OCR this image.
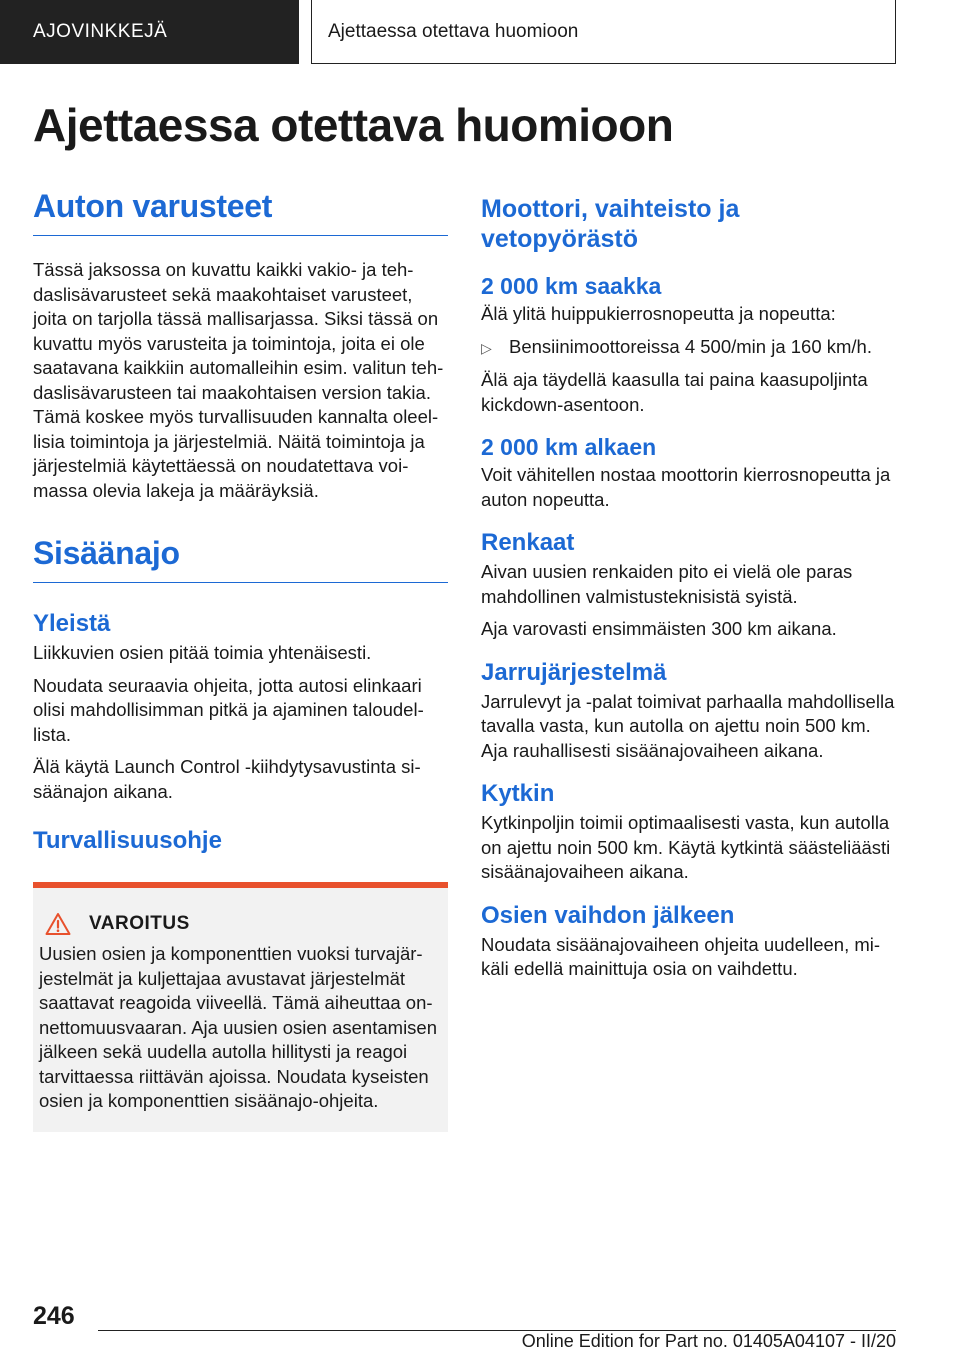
AJOVINKKEJÄ	Ajettaessa otettava huomioon
Ajettaessa otettava huomioon
Auton varusteet

Tässä jaksossa on kuvattu kaikki vakio- ja tehdaslisävarusteet sekä maakohtaiset varusteet, joita on tarjolla tässä mallisarjassa. Siksi tässä on kuvattu myös varusteita ja toimintoja, joita ei ole saatavana kaikkiin automalleihin esim. valitun tehdaslisävarusteen tai maakohtaisen version takia. Tämä koskee myös turvallisuuden kannalta oleellisia toimintoja ja järjestelmiä. Näitä toimintoja ja järjestelmiä käytettäessä on noudatettava voimassa olevia lakeja ja määräyksiä.

Sisäänajo
Yleistä

Liikkuvien osien pitää toimia yhtenäisesti.

Noudata seuraavia ohjeita, jotta autosi elinkaari olisi mahdollisimman pitkä ja ajaminen taloudellista.

Älä käytä Launch Control -kiihdytysavustinta sisäänajon aikana.

Turvallisuusohje
VAROITUS

Uusien osien ja komponenttien vuoksi turvajärjestelmät ja kuljettajaa avustavat järjestelmät saattavat reagoida viiveellä. Tämä aiheuttaa onnettomuusvaaran. Aja uusien osien asentamisen jälkeen sekä uudella autolla hillitysti ja reagoi tarvittaessa riittävän ajoissa. Noudata kyseisten osien ja komponenttien sisäänajo-ohjeita.

Moottori, vaihteisto ja vetopyörästö
2 000 km saakka

Älä ylitä huippukierrosnopeutta ja nopeutta:

▷ Bensiinimoottoreissa 4 500/min ja 160 km/h.

Älä aja täydellä kaasulla tai paina kaasupoljinta kickdown-asentoon.

2 000 km alkaen

Voit vähitellen nostaa moottorin kierrosnopeutta ja auton nopeutta.

Renkaat

Aivan uusien renkaiden pito ei vielä ole paras mahdollinen valmistusteknisistä syistä.

Aja varovasti ensimmäisten 300 km aikana.

Jarrujärjestelmä

Jarrulevyt ja -palat toimivat parhaalla mahdollisella tavalla vasta, kun autolla on ajettu noin 500 km. Aja rauhallisesti sisäänajovaiheen aikana.

Kytkin

Kytkinpoljin toimii optimaalisesti vasta, kun autolla on ajettu noin 500 km. Käytä kytkintä säästeliäästi sisäänajovaiheen aikana.

Osien vaihdon jälkeen

Noudata sisäänajovaiheen ohjeita uudelleen, mikäli edellä mainittuja osia on vaihdettu.

246
Online Edition for Part no. 01405A04107 - II/20
